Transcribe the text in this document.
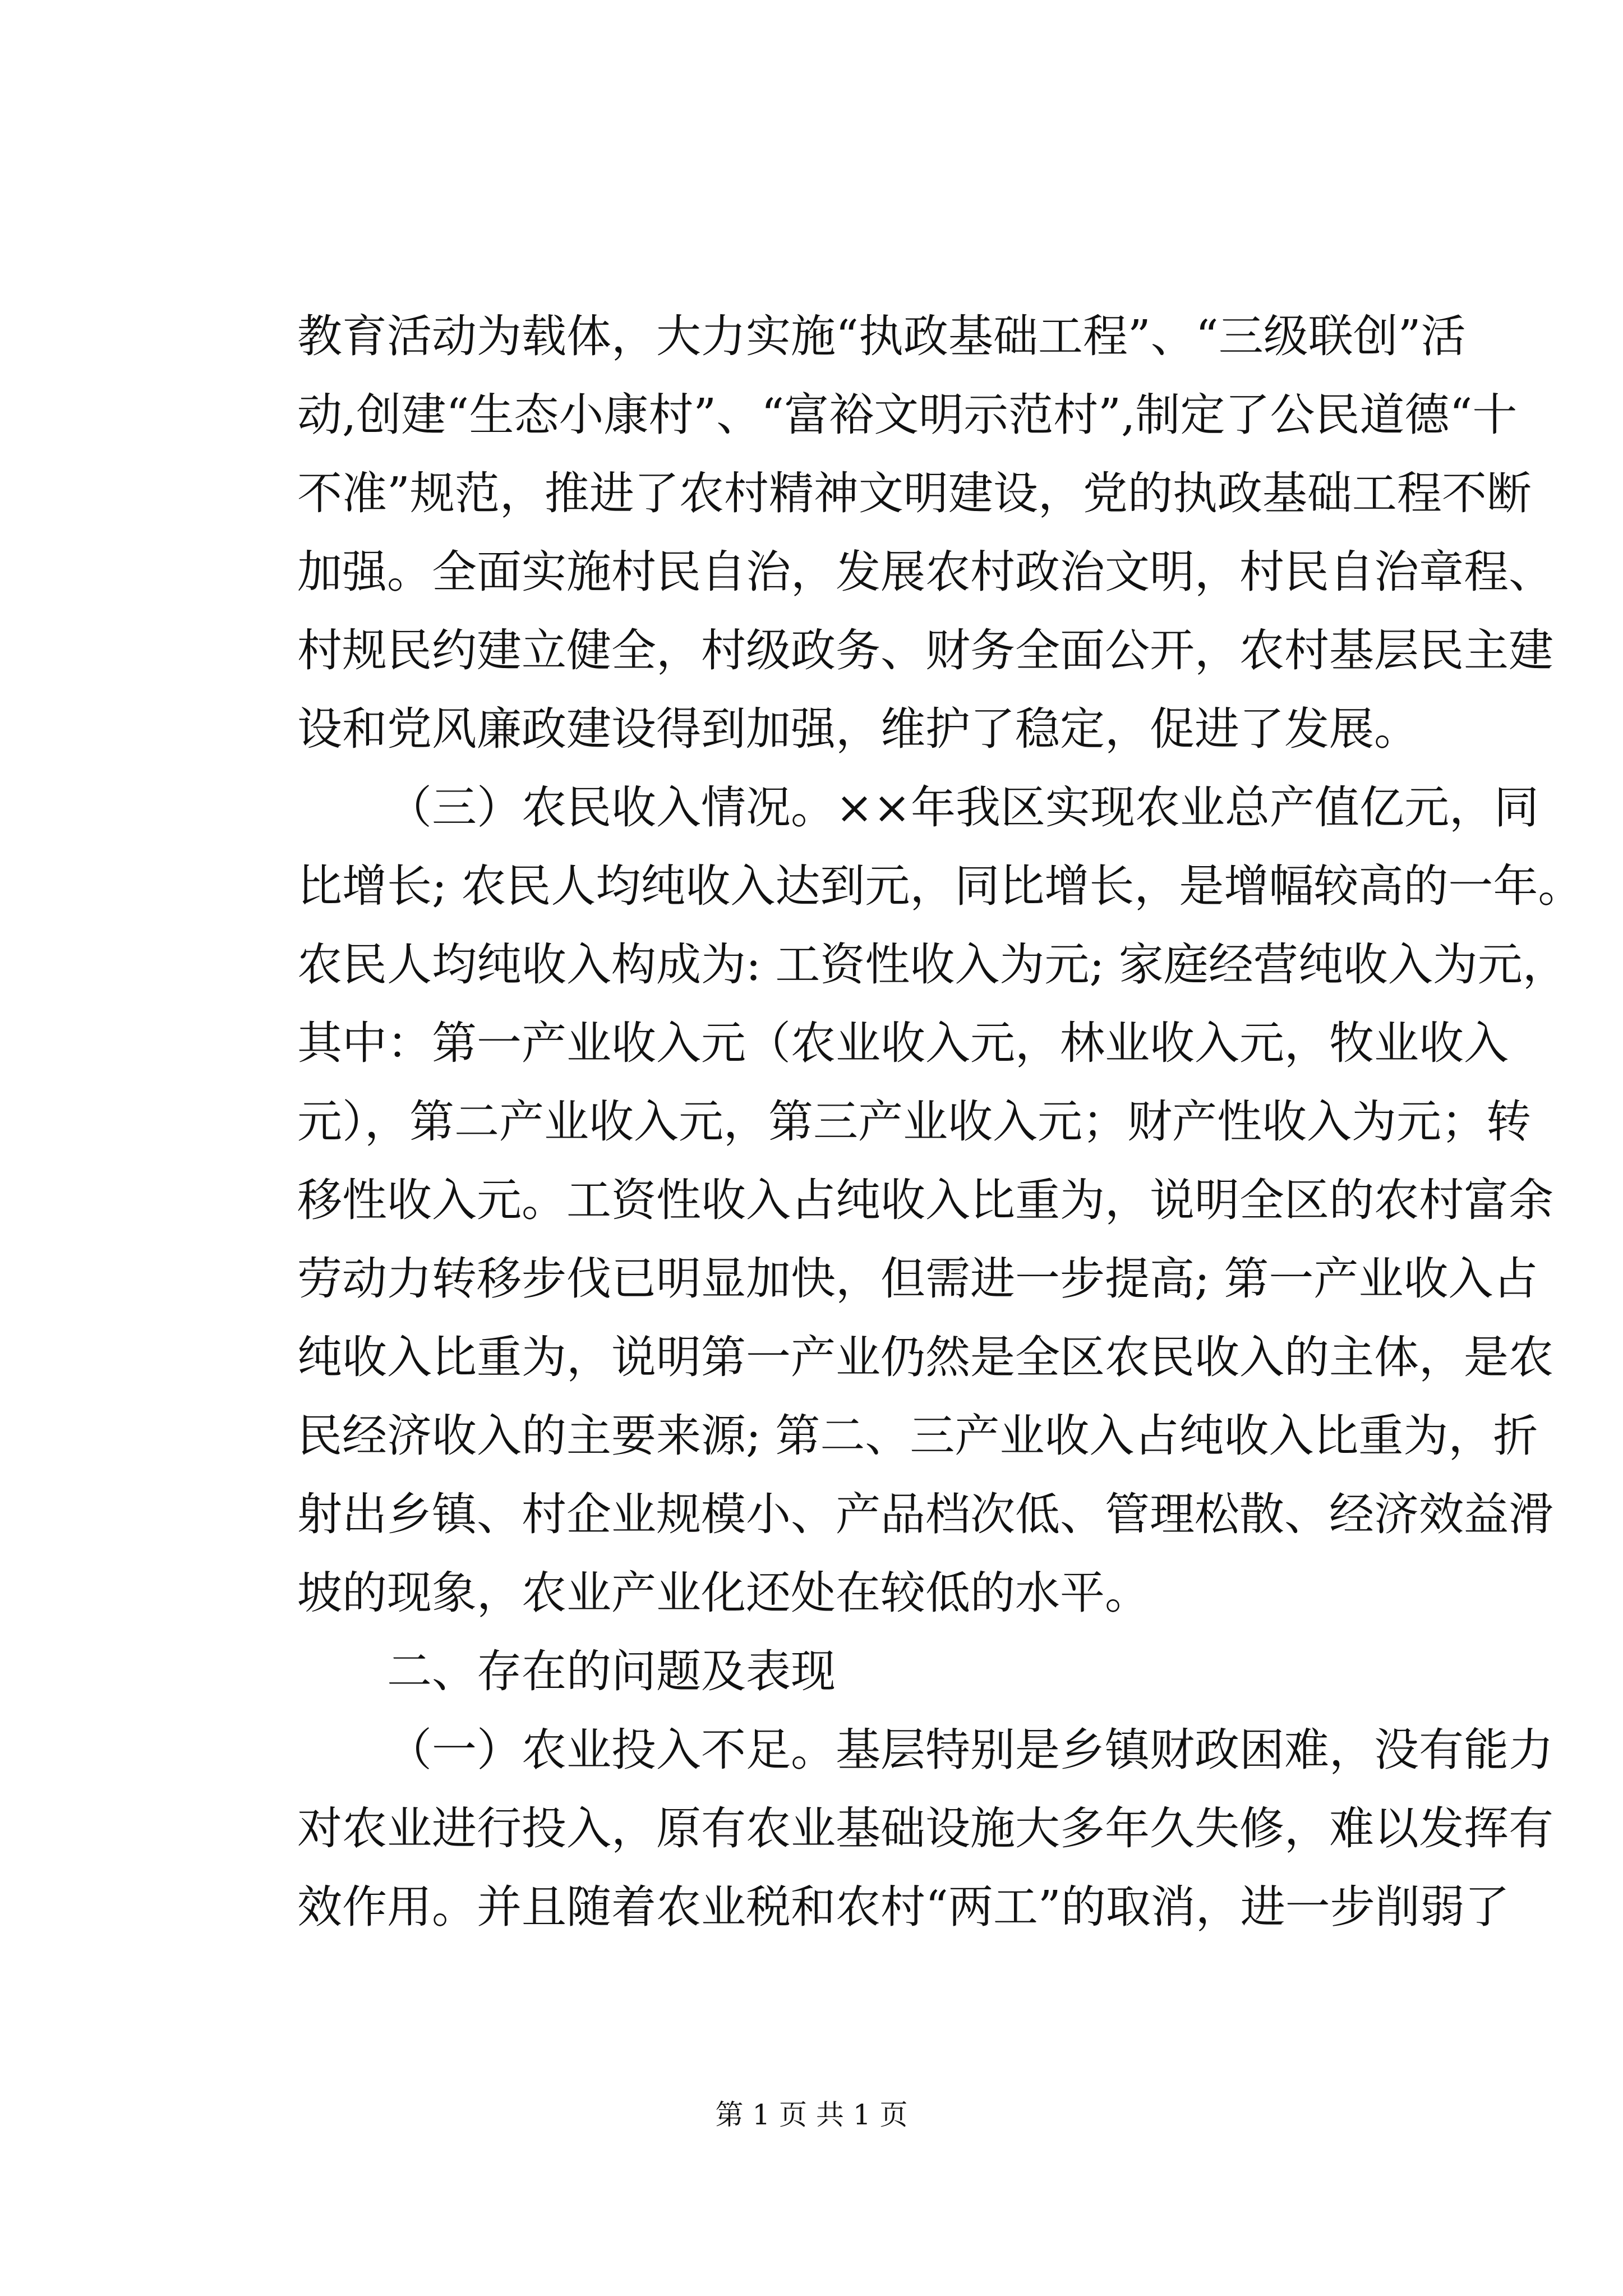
教育活动为载体，大力实施“执政基础工程”、“三级联创”活
动,创建“生态小康村”、“富裕文明示范村”,制定了公民道德“十
不准”规范，推进了农村精神文明建设，党的执政基础工程不断
加强。全面实施村民自治，发展农村政治文明，村民自治章程、
村规民约建立健全，村级政务、财务全面公开，农村基层民主建
设和党风廉政建设得到加强，维护了稳定，促进了发展。
（三）农民收入情况。××年我区实现农业总产值亿元，同
比增长; 农民人均纯收入达到元，同比增长，是增幅较高的一年。
农民人均纯收入构成为: 工资性收入为元; 家庭经营纯收入为元，
其中：第一产业收入元（农业收入元，林业收入元，牧业收入
元），第二产业收入元，第三产业收入元；财产性收入为元；转
移性收入元。工资性收入占纯收入比重为，说明全区的农村富余
劳动力转移步伐已明显加快，但需进一步提高; 第一产业收入占
纯收入比重为，说明第一产业仍然是全区农民收入的主体，是农
民经济收入的主要来源; 第二、三产业收入占纯收入比重为，折
射出乡镇、村企业规模小、产品档次低、管理松散、经济效益滑
坡的现象，农业产业化还处在较低的水平。
二、存在的问题及表现
（一）农业投入不足。基层特别是乡镇财政困难，没有能力
对农业进行投入，原有农业基础设施大多年久失修，难以发挥有
效作用。并且随着农业税和农村“两工”的取消，进一步削弱了
第 1 页 共 1 页
